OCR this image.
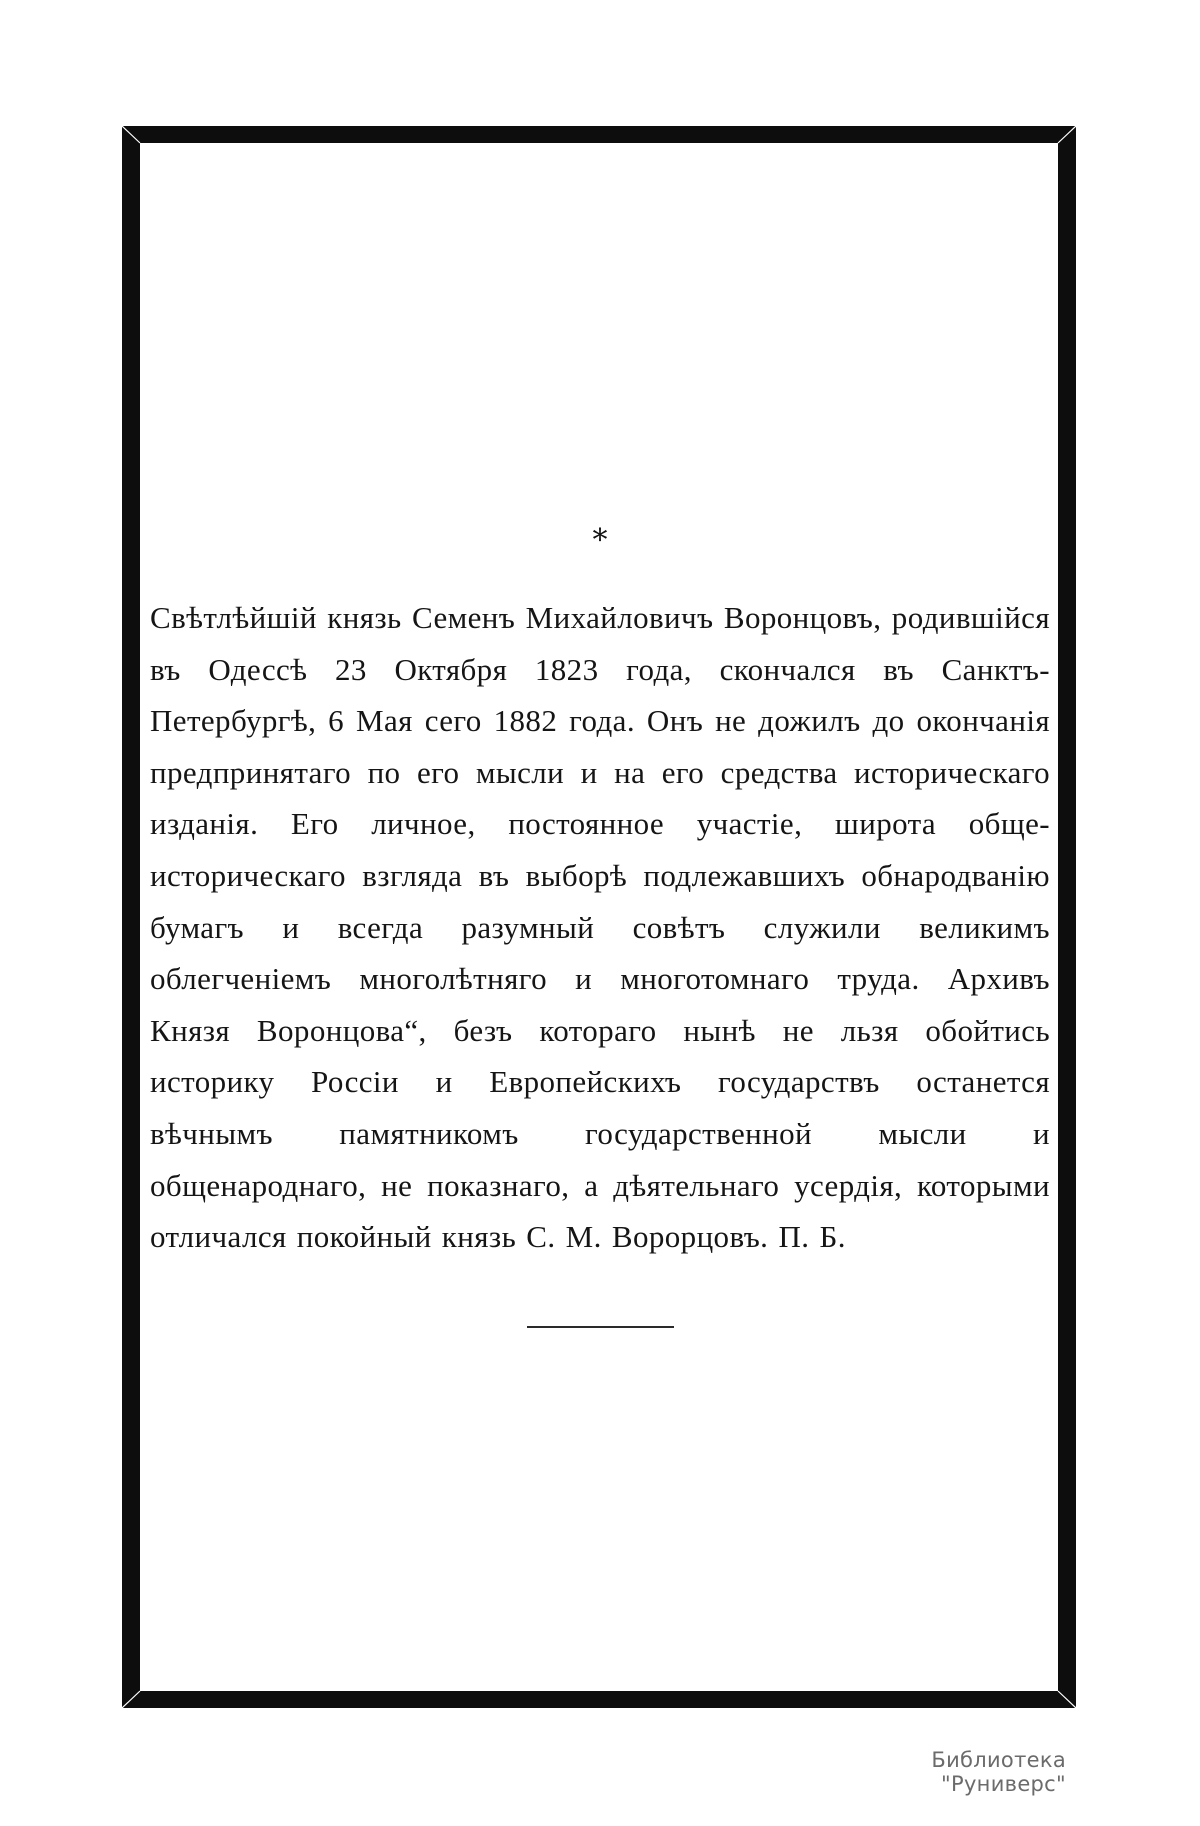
*

Свѣтлѣйшій князь Семенъ Михайловичъ Воронцовъ, родившійся въ Одессѣ 23 Октября 1823 года, скончался въ Санктъ-Петербургѣ, 6 Мая сего 1882 года. Онъ не дожилъ до окончанія предпринятаго по его мысли и на его средства историческаго изданія. Его личное, постоянное участіе, широта обще-историческаго взгляда въ выборѣ подлежавшихъ обнародванію бумагъ и всегда разумный совѣтъ служили великимъ облегченіемъ многолѣтняго и многотомнаго труда. Архивъ Князя Воронцова“, безъ котораго нынѣ не льзя обойтись историку Россіи и Европейскихъ государствъ останется вѣчнымъ памятникомъ государственной мысли и общенароднаго, не показнаго, а дѣятельнаго усердія, которыми отличался покойный князь С. М. Ворорцовъ. П. Б.

Библиотека "Руниверс"
